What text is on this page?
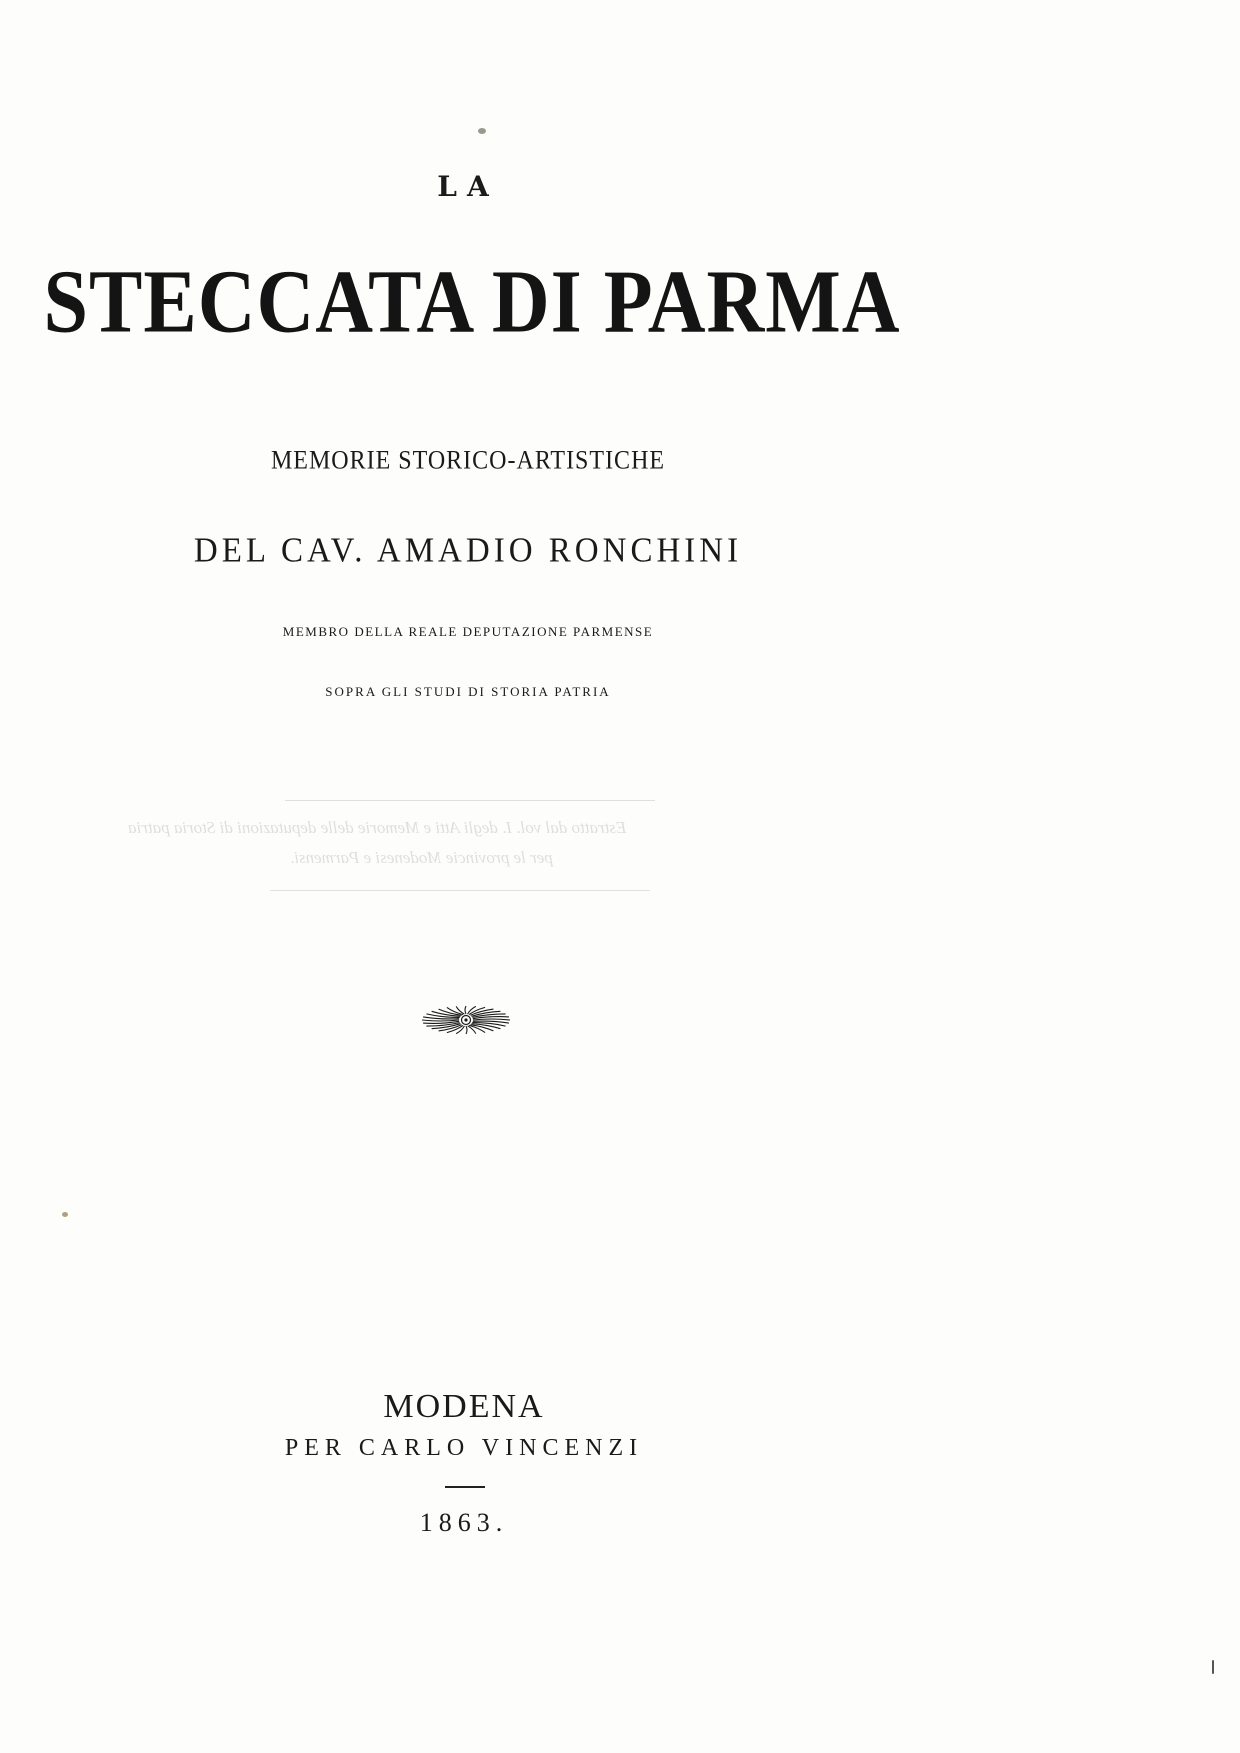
LA
STECCATA DI PARMA
MEMORIE STORICO-ARTISTICHE
DEL CAV. AMADIO RONCHINI
MEMBRO DELLA REALE DEPUTAZIONE PARMENSE
SOPRA GLI STUDI DI STORIA PATRIA
Estratto dal vol. I. degli Atti e Memorie delle deputazioni di Storia patria
per le provincie Modenesi e Parmensi.
MODENA
PER CARLO VINCENZI
1863.
